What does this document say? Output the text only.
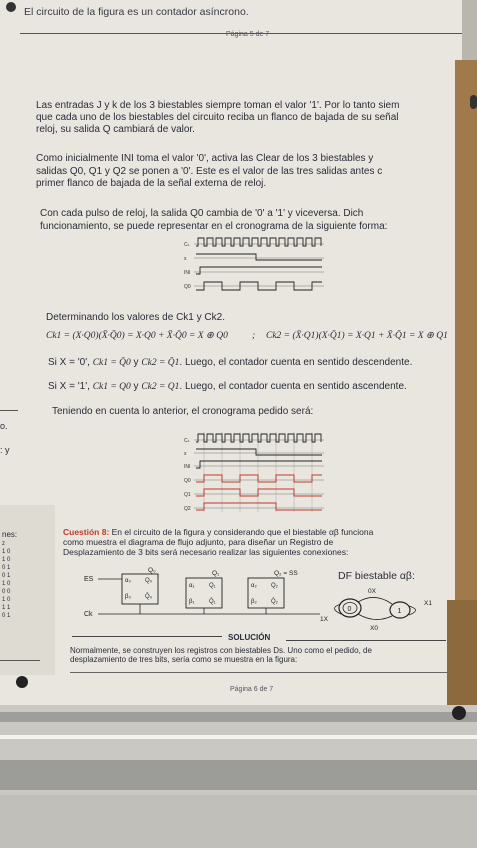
El circuito de la figura es un contador asíncrono.
Página 5 de 7
Las entradas J y k de los 3 biestables siempre toman el valor '1'. Por lo tanto siem
que cada uno de los biestables del circuito reciba un flanco de bajada de su señal
reloj, su salida Q cambiará de valor.
Como inicialmente INI toma el valor '0', activa las Clear de los 3 biestables y
salidas Q0, Q1 y Q2 se ponen a '0'. Este es el valor de las tres salidas antes c
primer flanco de bajada de la señal externa de reloj.
Con cada pulso de reloj, la salida Q0 cambia de '0' a '1' y viceversa. Dich
funcionamiento, se puede representar en el cronograma de la siguiente forma:
Cₖ
x
INI
Q0
Determinando los valores de Ck1 y Ck2.
Ck1 = (X·Q0)(X̄·Q̄0) = X·Q0 + X̄·Q̄0 = X ⊕ Q0	; Ck2 = (X̄·Q1)(X·Q̄1) = X·Q1 + X̄·Q̄1 = X ⊕ Q1
Si X = '0', Ck1 = Q̄0 y Ck2 = Q̄1. Luego, el contador cuenta en sentido descendente.
Si X = '1', Ck1 = Q0 y Ck2 = Q1. Luego, el contador cuenta en sentido ascendente.
Teniendo en cuenta lo anterior, el cronograma pedido será:
Cₖ
x
INI
Q0
Q1
Q2
Cuestión 8: En el circuito de la figura y considerando que el biestable αβ funciona
como muestra el diagrama de flujo adjunto, para diseñar un Registro de
Desplazamiento de 3 bits será necesario realizar las siguientes conexiones:
ES
Ck
α₀ Q₀
β₀ Q̄₀
Q₀
α₁ Q₁
β₁ Q̄₁
Q₁
α₂ Q₂
β₂ Q̄₂
Q₂ = SS	DF biestable αβ:
0	1
0X
X1
1X
X0
SOLUCIÓN
Normalmente, se construyen los registros con biestables Ds. Uno como el pedido, de
desplazamiento de tres bits, sería como se muestra en la figura:
Página 6 de 7
o.
: y
nes:
z
1 0
1 0
0 1
0 1
1 0
0 0
1 0
1 1
0 1
